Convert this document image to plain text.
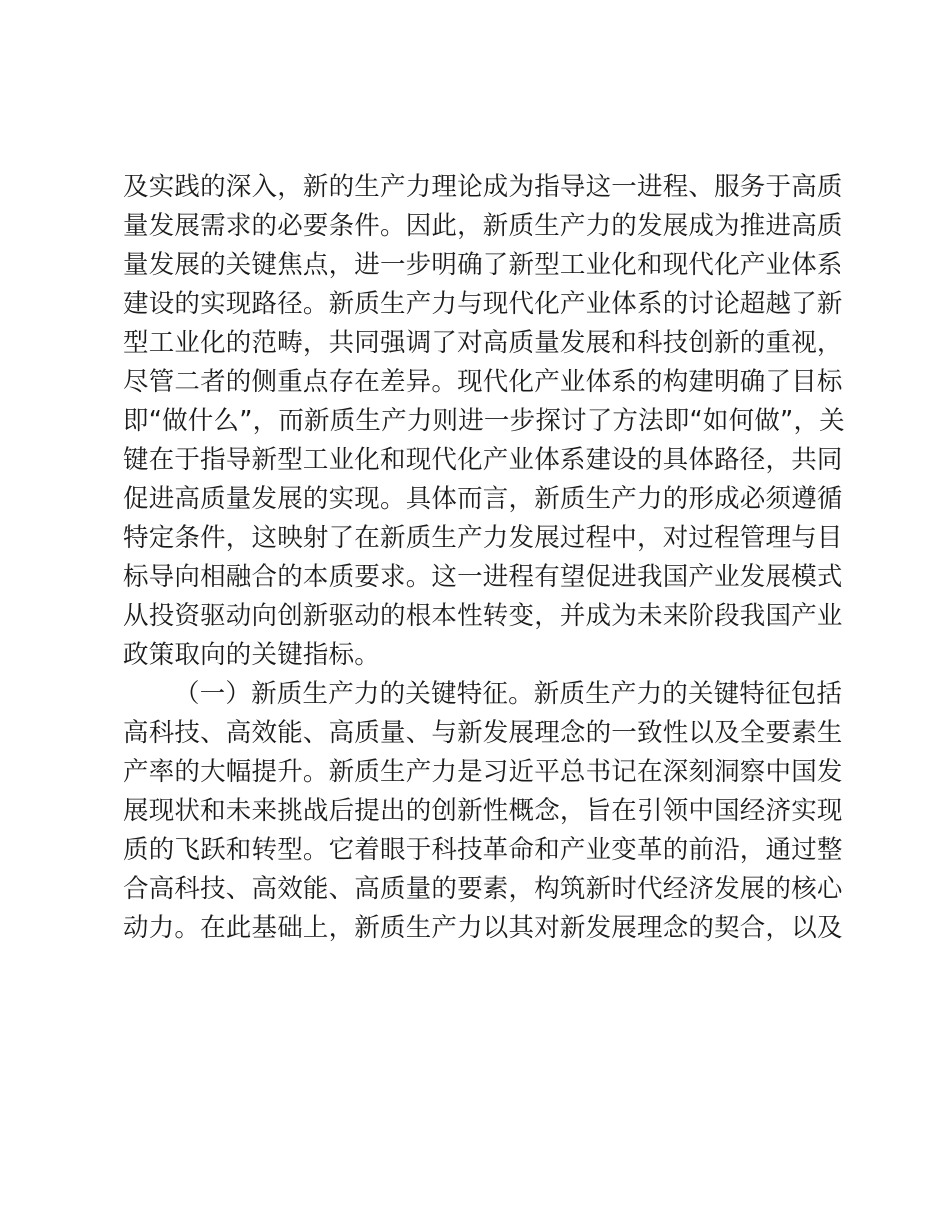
及实践的深入，新的生产力理论成为指导这一进程、服务于高质
量发展需求的必要条件。因此，新质生产力的发展成为推进高质
量发展的关键焦点，进一步明确了新型工业化和现代化产业体系
建设的实现路径。新质生产力与现代化产业体系的讨论超越了新
型工业化的范畴，共同强调了对高质量发展和科技创新的重视，
尽管二者的侧重点存在差异。现代化产业体系的构建明确了目标
即“做什么”，而新质生产力则进一步探讨了方法即“如何做”，关
键在于指导新型工业化和现代化产业体系建设的具体路径，共同
促进高质量发展的实现。具体而言，新质生产力的形成必须遵循
特定条件，这映射了在新质生产力发展过程中，对过程管理与目
标导向相融合的本质要求。这一进程有望促进我国产业发展模式
从投资驱动向创新驱动的根本性转变，并成为未来阶段我国产业
政策取向的关键指标。
（一）新质生产力的关键特征。新质生产力的关键特征包括
高科技、高效能、高质量、与新发展理念的一致性以及全要素生
产率的大幅提升。新质生产力是习近平总书记在深刻洞察中国发
展现状和未来挑战后提出的创新性概念，旨在引领中国经济实现
质的飞跃和转型。它着眼于科技革命和产业变革的前沿，通过整
合高科技、高效能、高质量的要素，构筑新时代经济发展的核心
动力。在此基础上，新质生产力以其对新发展理念的契合，以及
